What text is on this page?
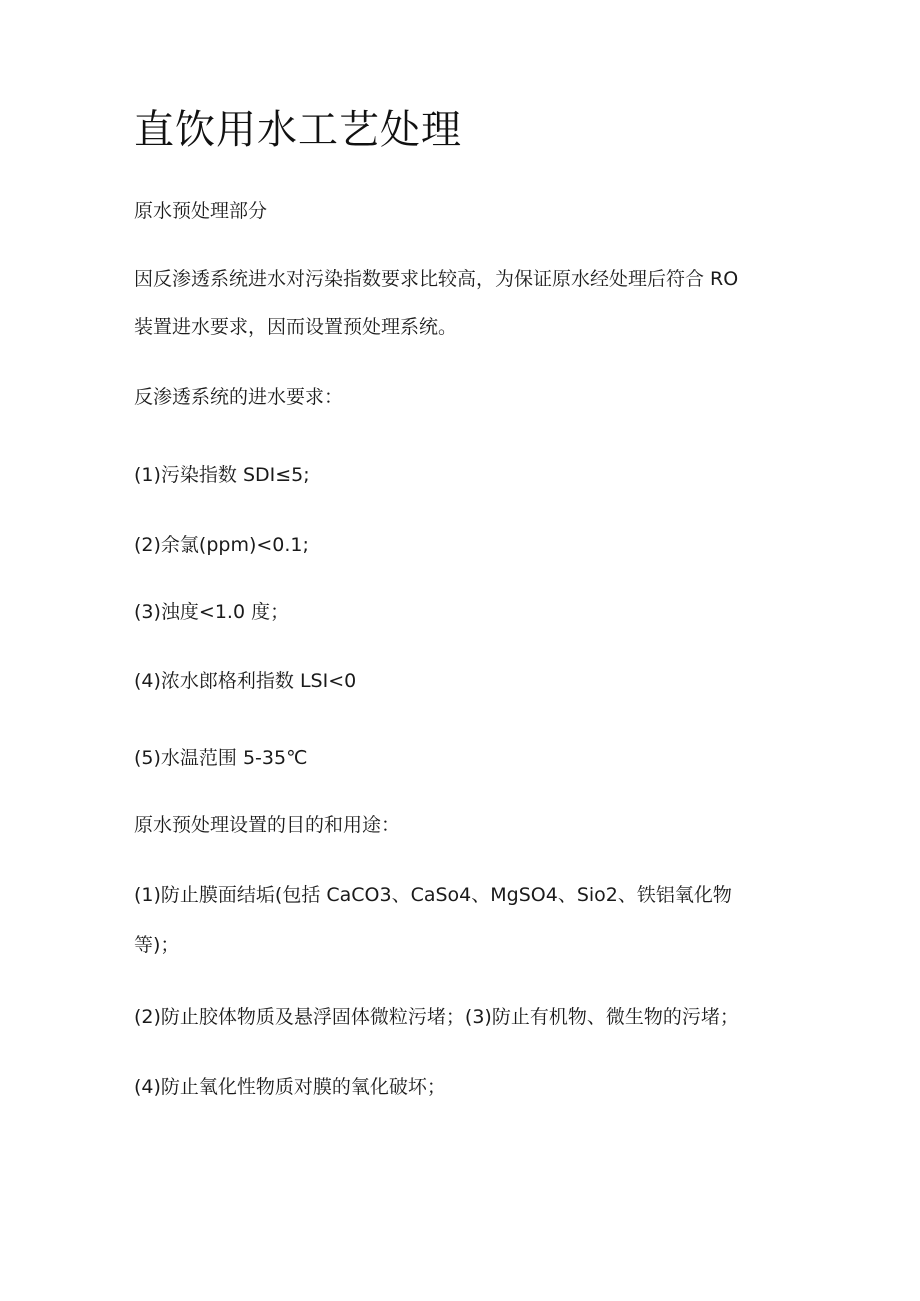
直饮用水工艺处理
原水预处理部分
因反渗透系统进水对污染指数要求比较高，为保证原水经处理后符合 RO
装置进水要求，因而设置预处理系统。
反渗透系统的进水要求：
(1)污染指数 SDI≤5;
(2)余氯(ppm)<0.1;
(3)浊度<1.0 度；
(4)浓水郎格利指数 LSI<0
(5)水温范围 5-35℃
原水预处理设置的目的和用途：
(1)防止膜面结垢(包括 CaCO3、CaSo4、MgSO4、Sio2、铁铝氧化物
等)；
(2)防止胶体物质及悬浮固体微粒污堵；(3)防止有机物、微生物的污堵；
(4)防止氧化性物质对膜的氧化破坏；
